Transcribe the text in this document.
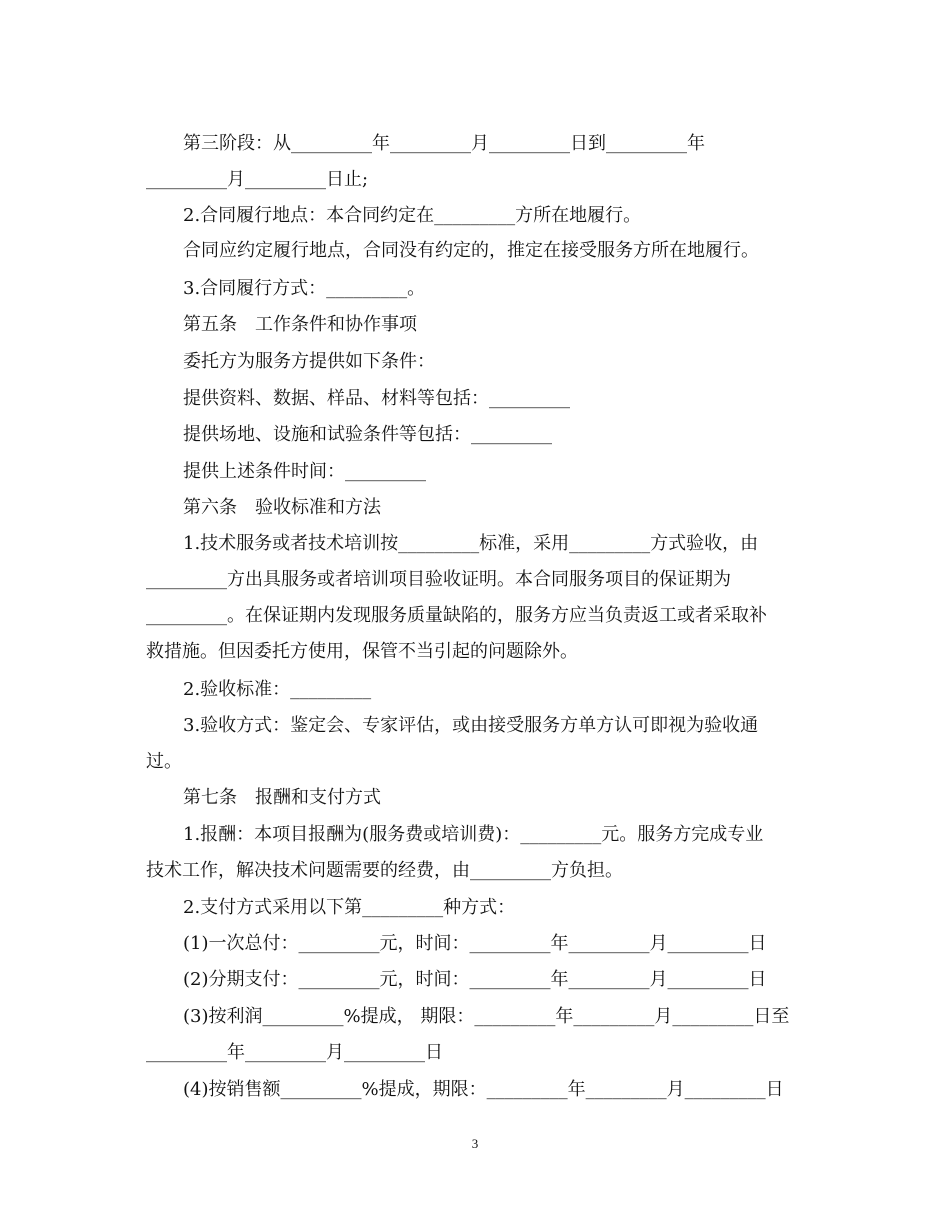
第三阶段：从_________年_________月_________日到_________年
_________月_________日止;
2.合同履行地点：本合同约定在_________方所在地履行。
合同应约定履行地点，合同没有约定的，推定在接受服务方所在地履行。
3.合同履行方式：_________。
第五条　工作条件和协作事项
委托方为服务方提供如下条件：
提供资料、数据、样品、材料等包括：_________
提供场地、设施和试验条件等包括：_________
提供上述条件时间：_________
第六条　验收标准和方法
1.技术服务或者技术培训按_________标准，采用_________方式验收，由
_________方出具服务或者培训项目验收证明。本合同服务项目的保证期为
_________。在保证期内发现服务质量缺陷的，服务方应当负责返工或者采取补
救措施。但因委托方使用，保管不当引起的问题除外。
2.验收标准：_________
3.验收方式：鉴定会、专家评估，或由接受服务方单方认可即视为验收通
过。
第七条　报酬和支付方式
1.报酬：本项目报酬为(服务费或培训费)：_________元。服务方完成专业
技术工作，解决技术问题需要的经费，由_________方负担。
2.支付方式采用以下第_________种方式：
(1)一次总付：_________元，时间：_________年_________月_________日
(2)分期支付：_________元，时间：_________年_________月_________日
(3)按利润_________%提成， 期限：_________年_________月_________日至
_________年_________月_________日
(4)按销售额_________%提成，期限：_________年_________月_________日
3
